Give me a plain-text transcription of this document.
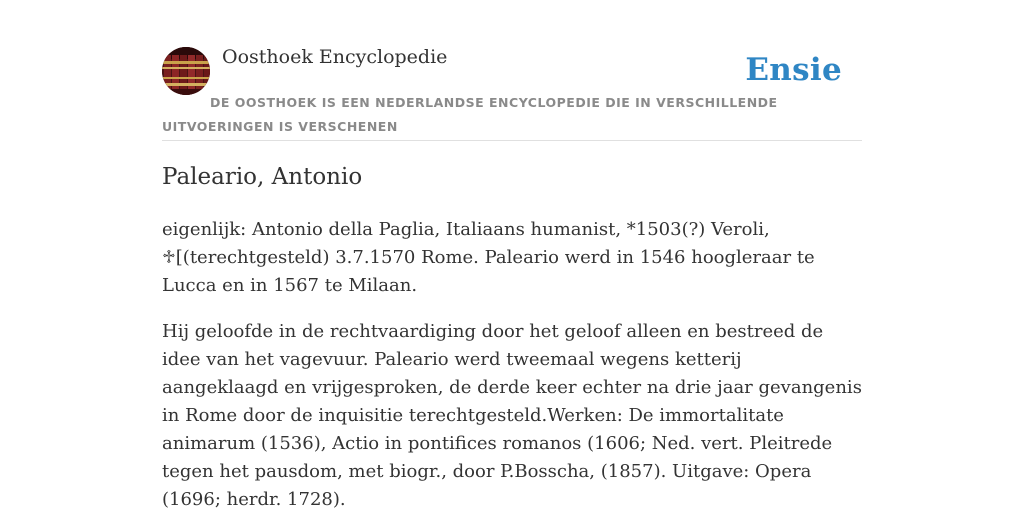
Oosthoek Encyclopedie	Ensie
DE OOSTHOEK IS EEN NEDERLANDSE ENCYCLOPEDIE DIE IN VERSCHILLENDE UITVOERINGEN IS VERSCHENEN
Paleario, Antonio

eigenlijk: Antonio della Paglia, Italiaans humanist, *1503(?) Veroli, ♱[(terechtgesteld) 3.7.1570 Rome. Paleario werd in 1546 hoogleraar te Lucca en in 1567 te Milaan.

Hij geloofde in de rechtvaardiging door het geloof alleen en bestreed de idee van het vagevuur. Paleario werd tweemaal wegens ketterij aangeklaagd en vrijgesproken, de derde keer echter na drie jaar gevangenis in Rome door de inquisitie terechtgesteld.Werken: De immortalitate animarum (1536), Actio in pontifices romanos (1606; Ned. vert. Pleitrede tegen het pausdom, met biogr., door P.Bosscha, (1857). Uitgave: Opera (1696; herdr. 1728).
